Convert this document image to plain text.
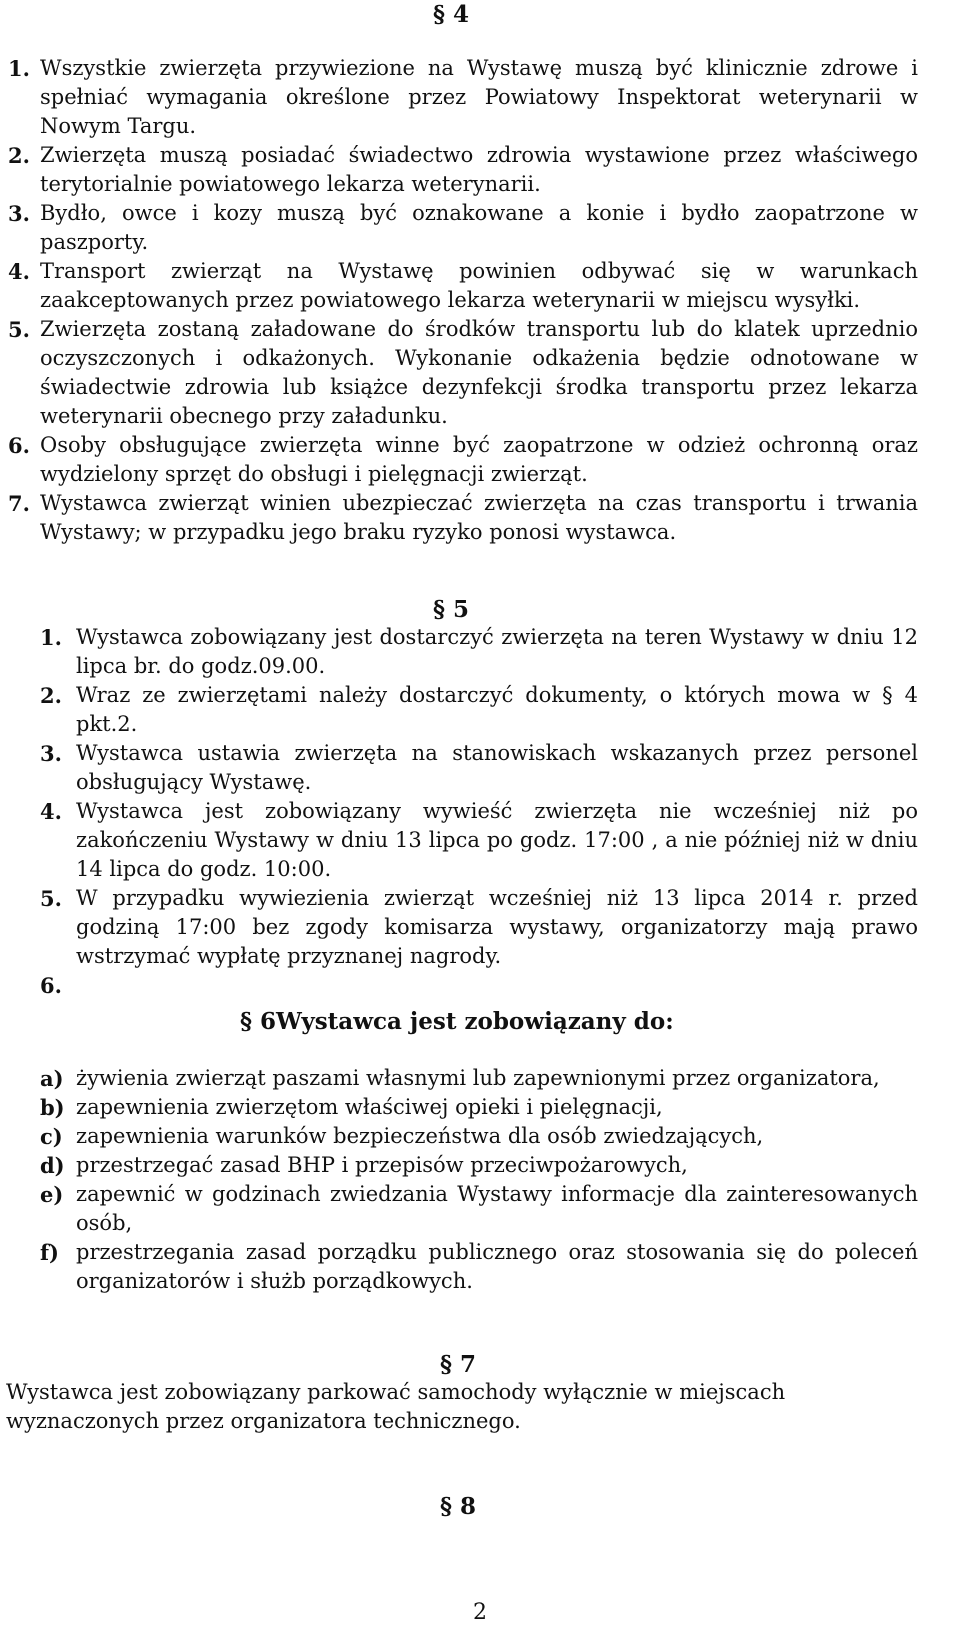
§ 4
1. Wszystkie zwierzęta przywiezione na Wystawę muszą być klinicznie zdrowe i spełniać wymagania określone przez Powiatowy Inspektorat weterynarii w Nowym Targu.
2. Zwierzęta muszą posiadać świadectwo zdrowia wystawione przez właściwego terytorialnie powiatowego lekarza weterynarii.
3. Bydło, owce i kozy muszą być oznakowane a konie i bydło zaopatrzone w paszporty.
4. Transport zwierząt na Wystawę powinien odbywać się w warunkach zaakceptowanych przez powiatowego lekarza weterynarii w miejscu wysyłki.
5. Zwierzęta zostaną załadowane do środków transportu lub do klatek uprzednio oczyszczonych i odkażonych. Wykonanie odkażenia będzie odnotowane w świadectwie zdrowia lub książce dezynfekcji środka transportu przez lekarza weterynarii obecnego przy załadunku.
6. Osoby obsługujące zwierzęta winne być zaopatrzone w odzież ochronną oraz wydzielony sprzęt do obsługi i pielęgnacji zwierząt.
7. Wystawca zwierząt winien ubezpieczać zwierzęta na czas transportu i trwania Wystawy; w przypadku jego braku ryzyko ponosi wystawca.
§ 5
1. Wystawca zobowiązany jest dostarczyć zwierzęta na teren Wystawy w dniu 12 lipca br. do godz.09.00.
2. Wraz ze zwierzętami należy dostarczyć dokumenty, o których mowa w § 4 pkt.2.
3. Wystawca ustawia zwierzęta na stanowiskach wskazanych przez personel obsługujący Wystawę.
4. Wystawca jest zobowiązany wywieść zwierzęta nie wcześniej niż po zakończeniu Wystawy w dniu 13 lipca po godz. 17:00 , a nie później niż w dniu 14 lipca do godz. 10:00.
5. W przypadku wywiezienia zwierząt wcześniej niż 13 lipca 2014 r. przed godziną 17:00 bez zgody komisarza wystawy, organizatorzy mają prawo wstrzymać wypłatę przyznanej nagrody.
6.
§ 6Wystawca jest zobowiązany do:
a) żywienia zwierząt paszami własnymi lub zapewnionymi przez organizatora,
b) zapewnienia zwierzętom właściwej opieki i pielęgnacji,
c) zapewnienia warunków bezpieczeństwa dla osób zwiedzających,
d) przestrzegać zasad BHP i przepisów przeciwpożarowych,
e) zapewnić w godzinach zwiedzania Wystawy informacje dla zainteresowanych osób,
f) przestrzegania zasad porządku publicznego oraz stosowania się do poleceń organizatorów i służb porządkowych.
§ 7

Wystawca jest zobowiązany parkować samochody wyłącznie w miejscach wyznaczonych przez organizatora technicznego.

§ 8
2
